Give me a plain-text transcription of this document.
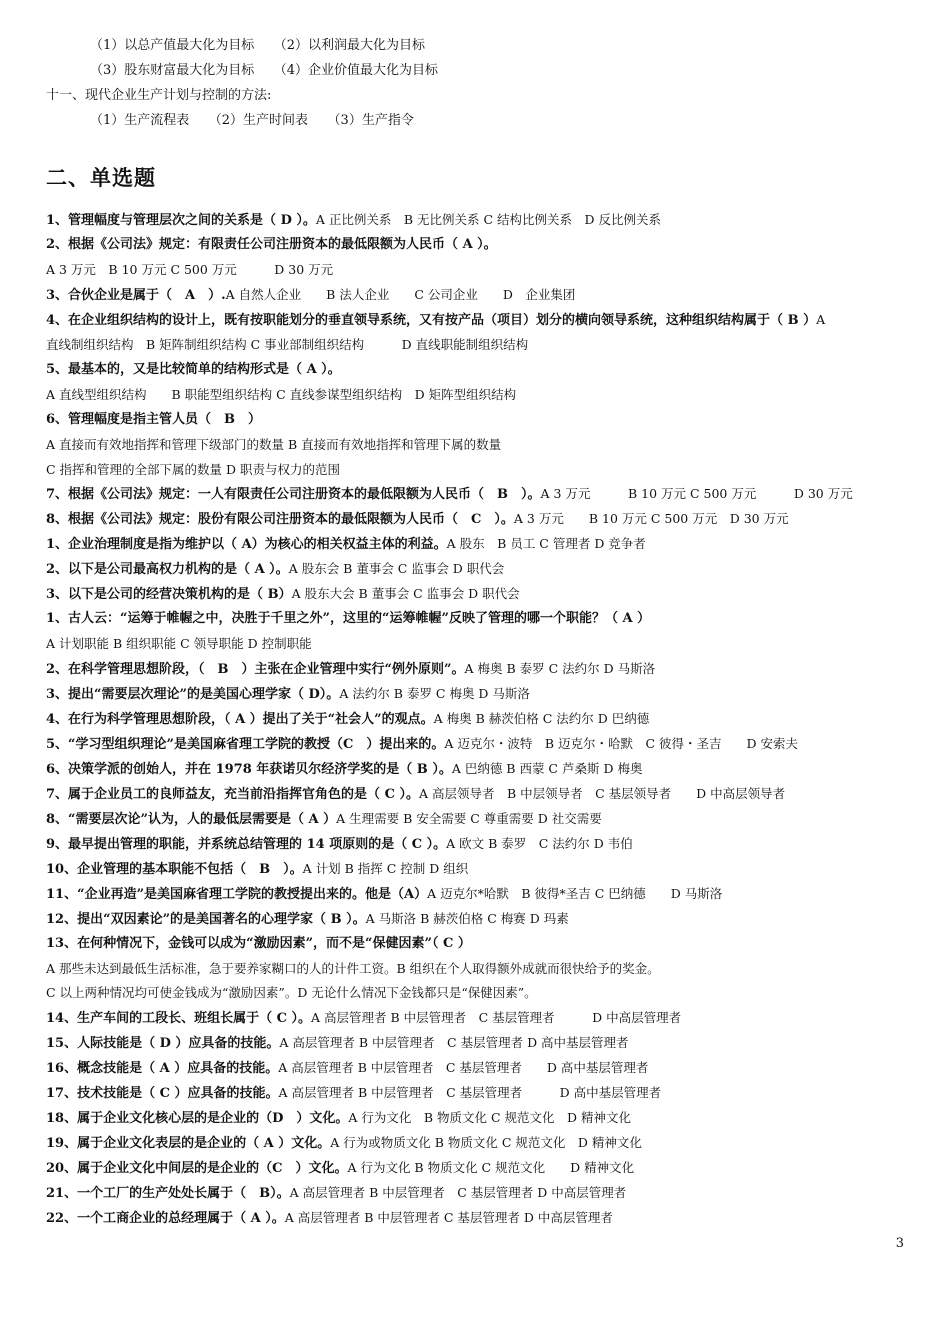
（1）以总产值最大化为目标　　（2）以利润最大化为目标
（3）股东财富最大化为目标　　（4）企业价值最大化为目标
十一、现代企业生产计划与控制的方法:
（1）生产流程表　　（2）生产时间表　　（3）生产指令
二、单选题
1、管理幅度与管理层次之间的关系是（ D ）。A 正比例关系　B 无比例关系 C 结构比例关系　D 反比例关系
2、根据《公司法》规定：有限责任公司注册资本的最低限额为人民币（ A ）。
A 3 万元　B 10 万元 C 500 万元　　　D 30 万元
3、合伙企业是属于（　A　）.A 自然人企业　　B 法人企业　　C 公司企业　　D　企业集团
4、在企业组织结构的设计上，既有按职能划分的垂直领导系统，又有按产品（项目）划分的横向领导系统，这种组织结构属于（ B ）A
直线制组织结构　B 矩阵制组织结构 C 事业部制组织结构　　　D 直线职能制组织结构
5、最基本的，又是比较简单的结构形式是（ A ）。
A 直线型组织结构　　B 职能型组织结构 C 直线参谋型组织结构　D 矩阵型组织结构
6、管理幅度是指主管人员（　B　）
A 直接而有效地指挥和管理下级部门的数量 B 直接而有效地指挥和管理下属的数量
C 指挥和管理的全部下属的数量 D 职责与权力的范围
7、根据《公司法》规定：一人有限责任公司注册资本的最低限额为人民币（　B　）。A 3 万元　　　B 10 万元 C 500 万元　　　D 30 万元
8、根据《公司法》规定：股份有限公司注册资本的最低限额为人民币（　C　）。A 3 万元　　B 10 万元 C 500 万元　D 30 万元
1、企业治理制度是指为维护以（ A）为核心的相关权益主体的利益。A 股东　B 员工 C 管理者 D 竞争者
2、以下是公司最高权力机构的是（ A ）。A 股东会 B 董事会 C 监事会 D 职代会
3、以下是公司的经营决策机构的是（ B）A 股东大会 B 董事会 C 监事会 D 职代会
1、古人云：“运筹于帷幄之中，决胜于千里之外”，这里的“运筹帷幄”反映了管理的哪一个职能？（ A ）
A 计划职能 B 组织职能 C 领导职能 D 控制职能
2、在科学管理思想阶段，（　B　）主张在企业管理中实行“例外原则”。A 梅奥 B 泰罗 C 法约尔 D 马斯洛
3、提出“需要层次理论”的是美国心理学家（ D）。A 法约尔 B 泰罗 C 梅奥 D 马斯洛
4、在行为科学管理思想阶段，（ A ）提出了关于“社会人”的观点。A 梅奥 B 赫茨伯格 C 法约尔 D 巴纳德
5、“学习型组织理论”是美国麻省理工学院的教授（C　）提出来的。A 迈克尔・波特　B 迈克尔・哈默　C 彼得・圣吉　　D 安索夫
6、决策学派的创始人，并在 1978 年获诺贝尔经济学奖的是（ B ）。A 巴纳德 B 西蒙 C 芦桑斯 D 梅奥
7、属于企业员工的良师益友，充当前沿指挥官角色的是（ C ）。A 高层领导者　B 中层领导者　C 基层领导者　　D 中高层领导者
8、“需要层次论”认为，人的最低层需要是（ A ）A 生理需要 B 安全需要 C 尊重需要 D 社交需要
9、最早提出管理的职能，并系统总结管理的 14 项原则的是（ C ）。A 欧文 B 泰罗　C 法约尔 D 韦伯
10、企业管理的基本职能不包括（　B　）。A 计划 B 指挥 C 控制 D 组织
11、“企业再造”是美国麻省理工学院的教授提出来的。他是（A）A 迈克尔*哈默　B 彼得*圣吉 C 巴纳德　　D 马斯洛
12、提出“双因素论”的是美国著名的心理学家（ B ）。A 马斯洛 B 赫茨伯格 C 梅赛 D 玛素
13、在何种情况下，金钱可以成为“激励因素”，而不是“保健因素”（ C ）
A 那些未达到最低生活标准，急于要养家糊口的人的计件工资。B 组织在个人取得额外成就而很快给予的奖金。
C 以上两种情况均可使金钱成为“激励因素”。D 无论什么情况下金钱都只是“保健因素”。
14、生产车间的工段长、班组长属于（ C ）。A 高层管理者 B 中层管理者　C 基层管理者　　　D 中高层管理者
15、人际技能是（ D ）应具备的技能。A 高层管理者 B 中层管理者　C 基层管理者 D 高中基层管理者
16、概念技能是（ A ）应具备的技能。A 高层管理者 B 中层管理者　C 基层管理者　　D 高中基层管理者
17、技术技能是（ C ）应具备的技能。A 高层管理者 B 中层管理者　C 基层管理者　　　D 高中基层管理者
18、属于企业文化核心层的是企业的（D　）文化。A 行为文化　B 物质文化 C 规范文化　D 精神文化
19、属于企业文化表层的是企业的（ A ）文化。A 行为或物质文化 B 物质文化 C 规范文化　D 精神文化
20、属于企业文化中间层的是企业的（C　）文化。A 行为文化 B 物质文化 C 规范文化　　D 精神文化
21、一个工厂的生产处处长属于（　B）。A 高层管理者 B 中层管理者　C 基层管理者 D 中高层管理者
22、一个工商企业的总经理属于（ A ）。A 高层管理者 B 中层管理者 C 基层管理者 D 中高层管理者
3
